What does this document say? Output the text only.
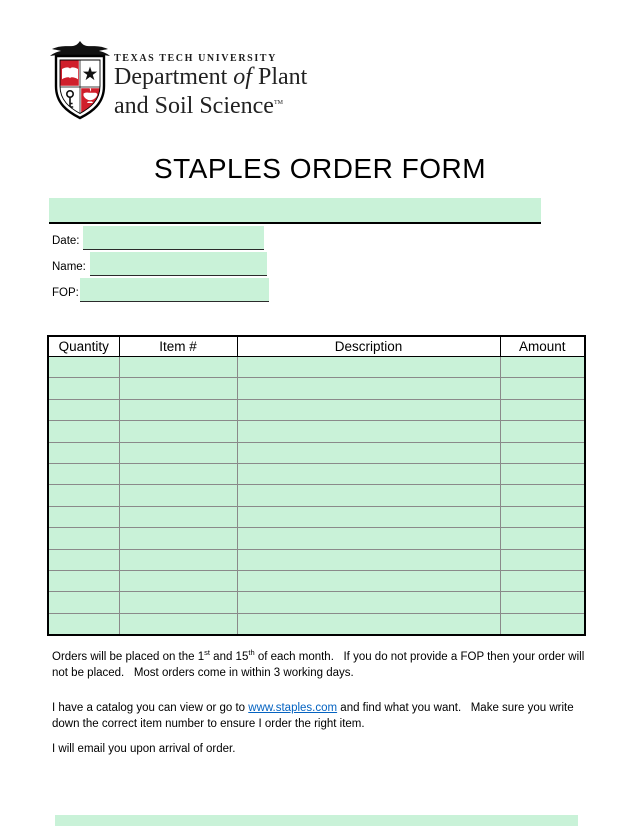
TEXAS TECH UNIVERSITY
Department of Plant
and Soil Science™
STAPLES ORDER FORM
Date:
Name:
FOP:
Quantity	Item #	Description	Amount

Orders will be placed on the 1st and 15th of each month.   If you do not provide a FOP then your order will
not be placed.   Most orders come in within 3 working days.

I have a catalog you can view or go to www.staples.com and find what you want.   Make sure you write
down the correct item number to ensure I order the right item.

I will email you upon arrival of order.
